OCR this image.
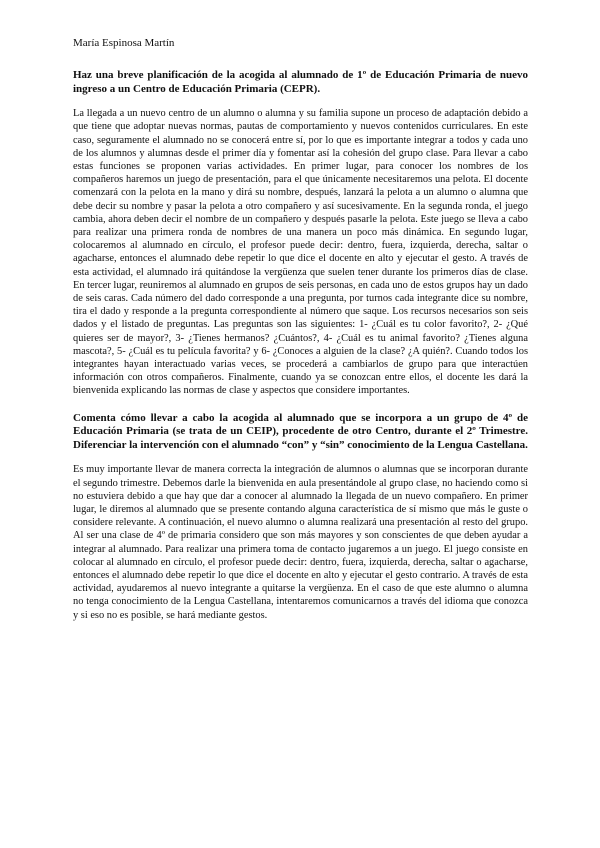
María Espinosa Martín

Haz una breve planificación de la acogida al alumnado de 1º de Educación Primaria de nuevo ingreso a un Centro de Educación Primaria (CEPR).

La llegada a un nuevo centro de un alumno o alumna y su familia supone un proceso de adaptación debido a que tiene que adoptar nuevas normas, pautas de comportamiento y nuevos contenidos curriculares. En este caso, seguramente el alumnado no se conocerá entre sí, por lo que es importante integrar a todos y cada uno de los alumnos y alumnas desde el primer día y fomentar así la cohesión del grupo clase. Para llevar a cabo estas funciones se proponen varias actividades. En primer lugar, para conocer los nombres de los compañeros haremos un juego de presentación, para el que únicamente necesitaremos una pelota. El docente comenzará con la pelota en la mano y dirá su nombre, después, lanzará la pelota a un alumno o alumna que debe decir su nombre y pasar la pelota a otro compañero y así sucesivamente. En la segunda ronda, el juego cambia, ahora deben decir el nombre de un compañero y después pasarle la pelota. Este juego se lleva a cabo para realizar una primera ronda de nombres de una manera un poco más dinámica. En segundo lugar, colocaremos al alumnado en círculo, el profesor puede decir: dentro, fuera, izquierda, derecha, saltar o agacharse, entonces el alumnado debe repetir lo que dice el docente en alto y ejecutar el gesto. A través de esta actividad, el alumnado irá quitándose la vergüenza que suelen tener durante los primeros días de clase. En tercer lugar, reuniremos al alumnado en grupos de seis personas, en cada uno de estos grupos hay un dado de seis caras. Cada número del dado corresponde a una pregunta, por turnos cada integrante dice su nombre, tira el dado y responde a la pregunta correspondiente al número que saque. Los recursos necesarios son seis dados y el listado de preguntas. Las preguntas son las siguientes: 1- ¿Cuál es tu color favorito?, 2- ¿Qué quieres ser de mayor?, 3- ¿Tienes hermanos? ¿Cuántos?, 4- ¿Cuál es tu animal favorito? ¿Tienes alguna mascota?, 5- ¿Cuál es tu película favorita? y 6- ¿Conoces a alguien de la clase? ¿A quién?. Cuando todos los integrantes hayan interactuado varias veces, se procederá a cambiarlos de grupo para que interactúen información con otros compañeros. Finalmente, cuando ya se conozcan entre ellos, el docente les dará la bienvenida explicando las normas de clase y aspectos que considere importantes.

Comenta cómo llevar a cabo la acogida al alumnado que se incorpora a un grupo de 4º de Educación Primaria (se trata de un CEIP), procedente de otro Centro, durante el 2º Trimestre. Diferenciar la intervención con el alumnado “con” y “sin” conocimiento de la Lengua Castellana.

Es muy importante llevar de manera correcta la integración de alumnos o alumnas que se incorporan durante el segundo trimestre. Debemos darle la bienvenida en aula presentándole al grupo clase, no haciendo como si no estuviera debido a que hay que dar a conocer al alumnado la llegada de un nuevo compañero. En primer lugar, le diremos al alumnado que se presente contando alguna característica de sí mismo que más le guste o considere relevante. A continuación, el nuevo alumno o alumna realizará una presentación al resto del grupo. Al ser una clase de 4º de primaria considero que son más mayores y son conscientes de que deben ayudar a integrar al alumnado. Para realizar una primera toma de contacto jugaremos a un juego. El juego consiste en colocar al alumnado en círculo, el profesor puede decir: dentro, fuera, izquierda, derecha, saltar o agacharse, entonces el alumnado debe repetir lo que dice el docente en alto y ejecutar el gesto contrario. A través de esta actividad, ayudaremos al nuevo integrante a quitarse la vergüenza. En el caso de que este alumno o alumna no tenga conocimiento de la Lengua Castellana, intentaremos comunicarnos a través del idioma que conozca y si eso no es posible, se hará mediante gestos.
